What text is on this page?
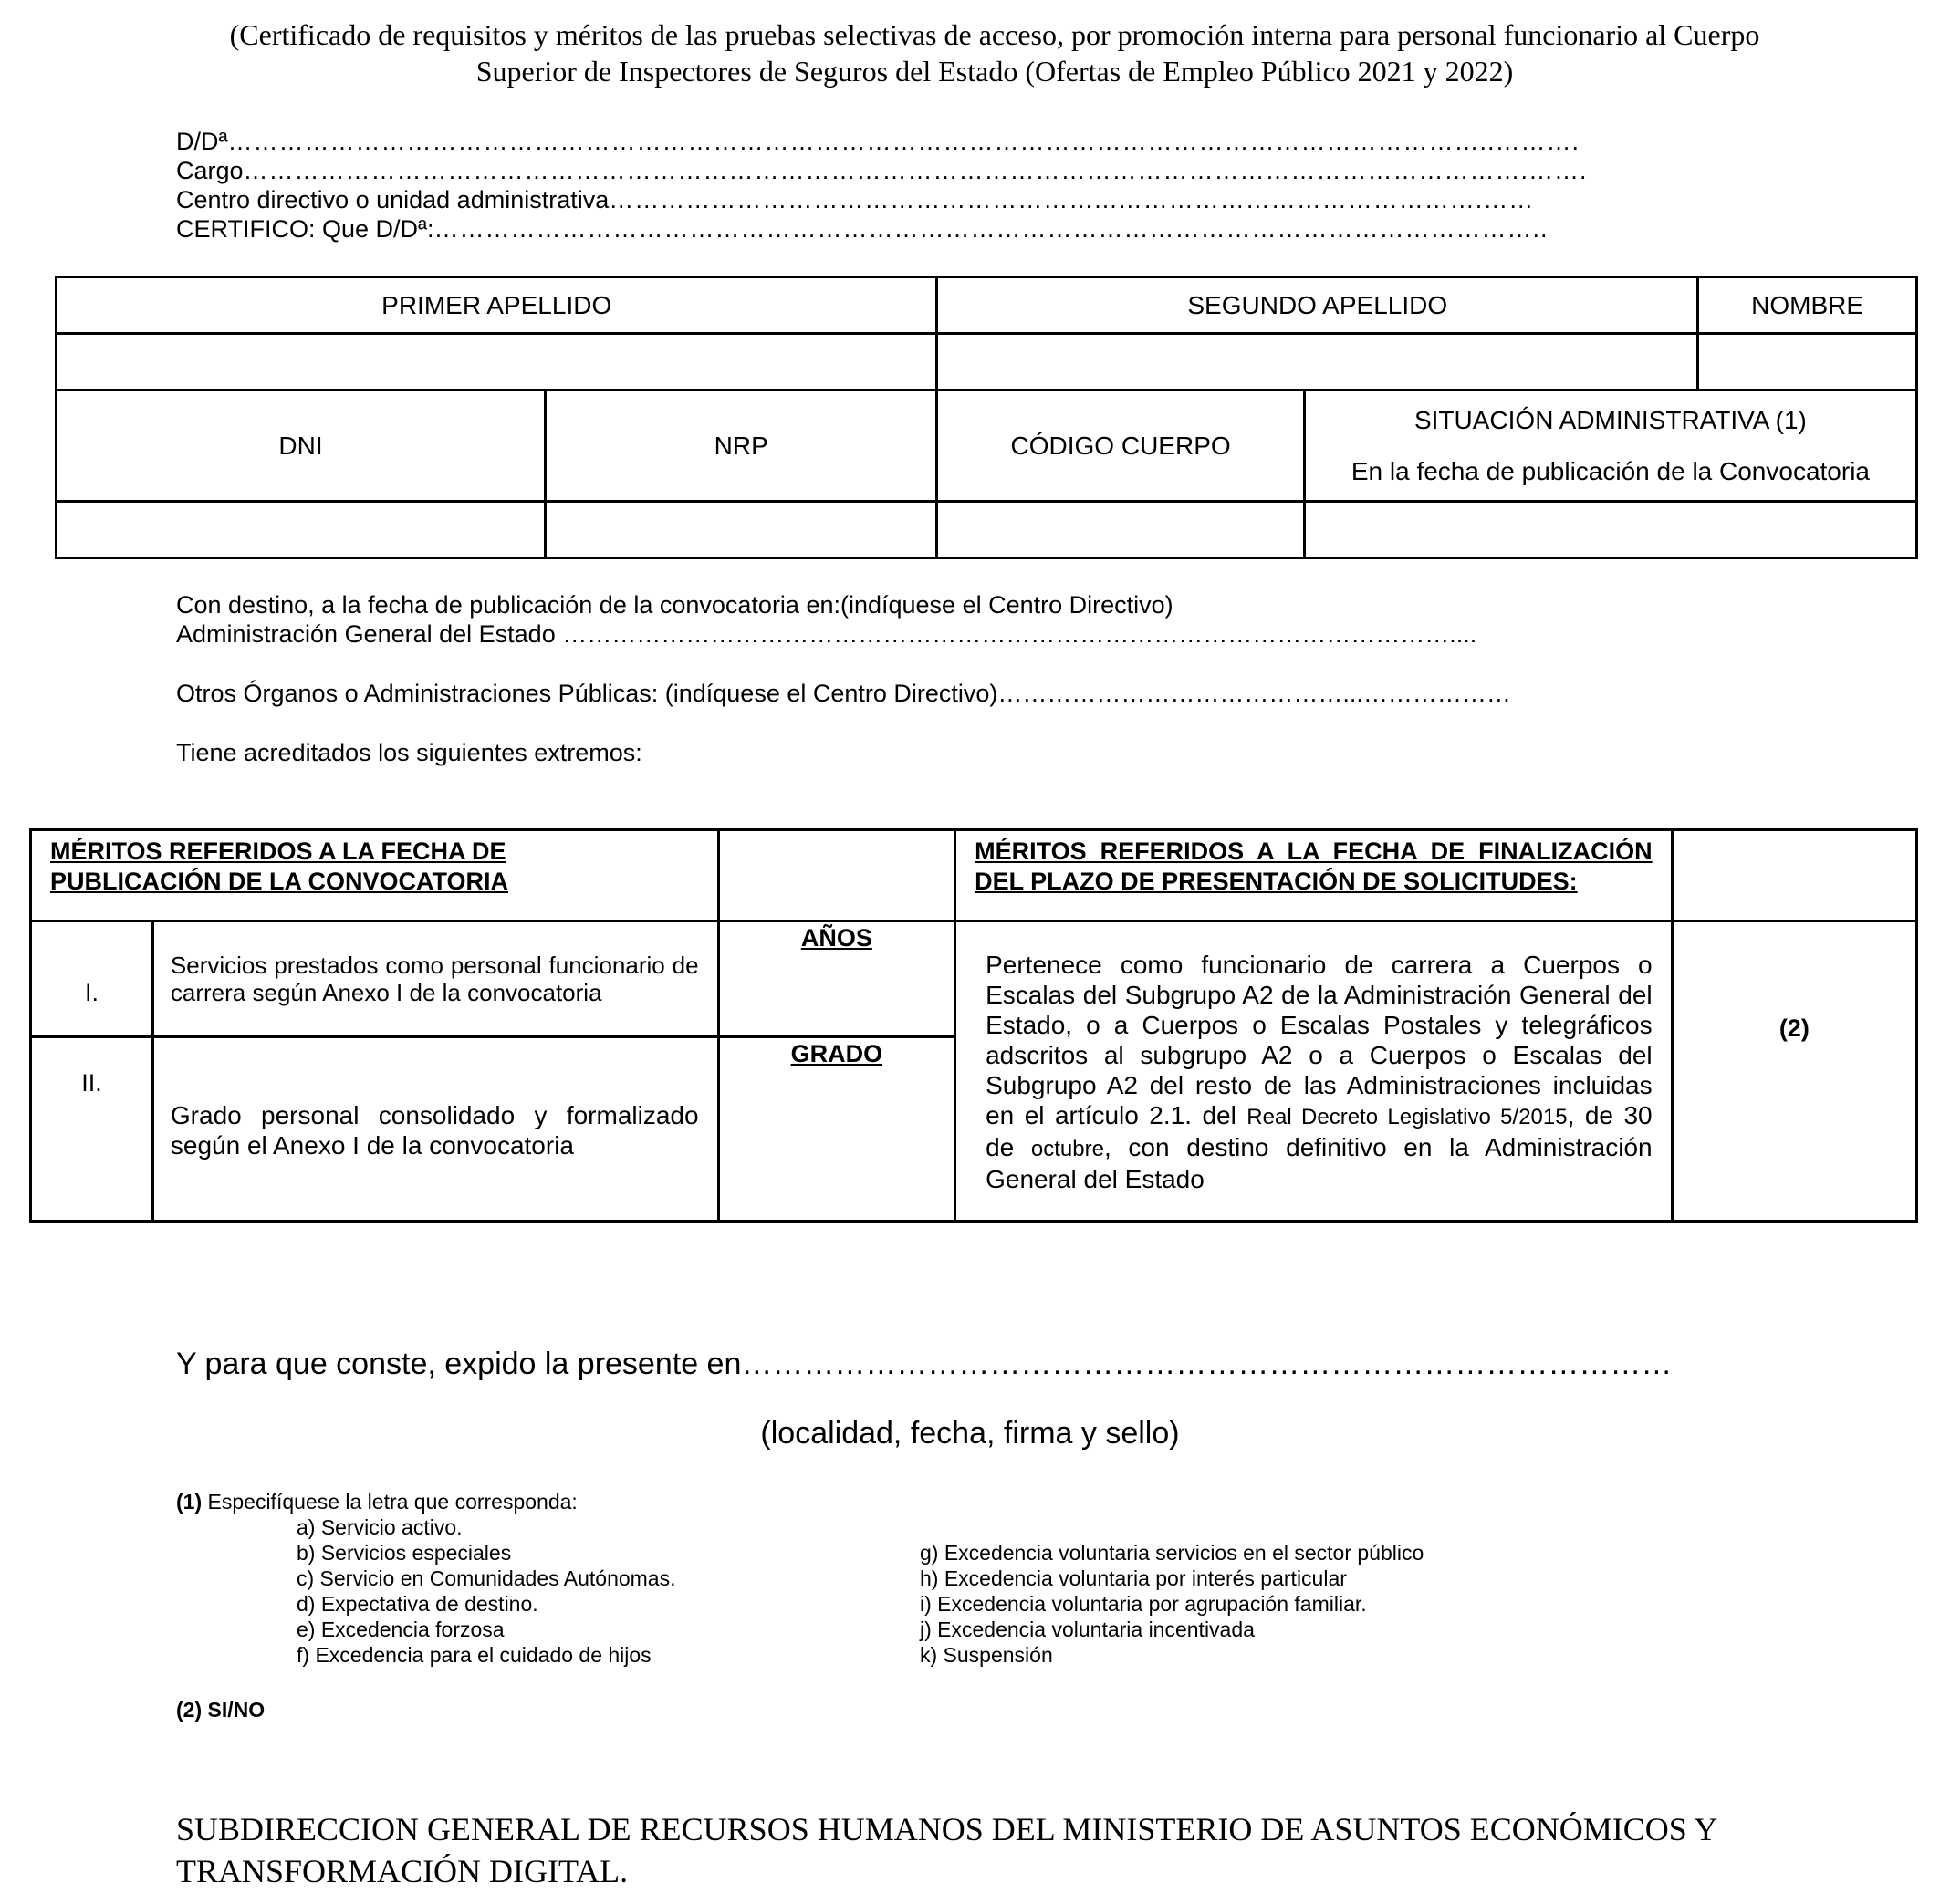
(Certificado de requisitos y méritos de las pruebas selectivas de acceso, por promoción interna para personal funcionario al Cuerpo
Superior de Inspectores de Seguros del Estado (Ofertas de Empleo Público 2021 y 2022)
D/Dª…………………………………………………………………………………………………………………………………..……….
Cargo…………………………………………………………………………………………………………………………………….…….
Centro directivo o unidad administrativa…………………………………………………...…………………………………….……
CERTIFICO: Que D/Dª:…………………………………………………………………………………………………………………..
PRIMER APELLIDO		SEGUNDO APELLIDO		NOMBRE

DNI	NRP	CÓDIGO CUERPO	SITUACIÓN ADMINISTRATIVA (1)
En la fecha de publicación de la Convocatoria	

Con destino, a la fecha de publicación de la convocatoria en:(indíquese el Centro Directivo)
Administración General del Estado ………………………………………………………………………………………………....
Otros Órganos o Administraciones Públicas: (indíquese el Centro Directivo)……………………………………...………………
Tiene acreditados los siguientes extremos:
MÉRITOS REFERIDOS A LA FECHA DE PUBLICACIÓN DE LA CONVOCATORIA			MÉRITOS REFERIDOS A LA FECHA DE FINALIZACIÓN DEL PLAZO DE PRESENTACIÓN DE SOLICITUDES:	

I.	Servicios prestados como personal funcionario de carrera según Anexo I de la convocatoria	AÑOS	Pertenece como funcionario de carrera a Cuerpos o Escalas del Subgrupo A2 de la Administración General del Estado, o a Cuerpos o Escalas Postales y telegráficos adscritos al subgrupo A2 o a Cuerpos o Escalas del Subgrupo A2 del resto de las Administraciones incluidas en el artículo 2.1. del Real Decreto Legislativo 5/2015, de 30 de octubre, con destino definitivo en la Administración General del Estado	(2)
II.	Grado personal consolidado y formalizado según el Anexo I de la convocatoria	GRADO		
Y para que conste, expido la presente en………………………………………………………………………………
(localidad, fecha, firma y sello)
(1) Especifíquese la letra que corresponda:
a) Servicio activo.
b) Servicios especiales
c) Servicio en Comunidades Autónomas.
d) Expectativa de destino.
e) Excedencia forzosa
f) Excedencia para el cuidado de hijos
g) Excedencia voluntaria servicios en el sector público
h) Excedencia voluntaria por interés particular
i) Excedencia voluntaria por agrupación familiar.
j) Excedencia voluntaria incentivada
k) Suspensión
(2) SI/NO
SUBDIRECCION GENERAL DE RECURSOS HUMANOS DEL MINISTERIO DE ASUNTOS ECONÓMICOS Y
TRANSFORMACIÓN DIGITAL.
